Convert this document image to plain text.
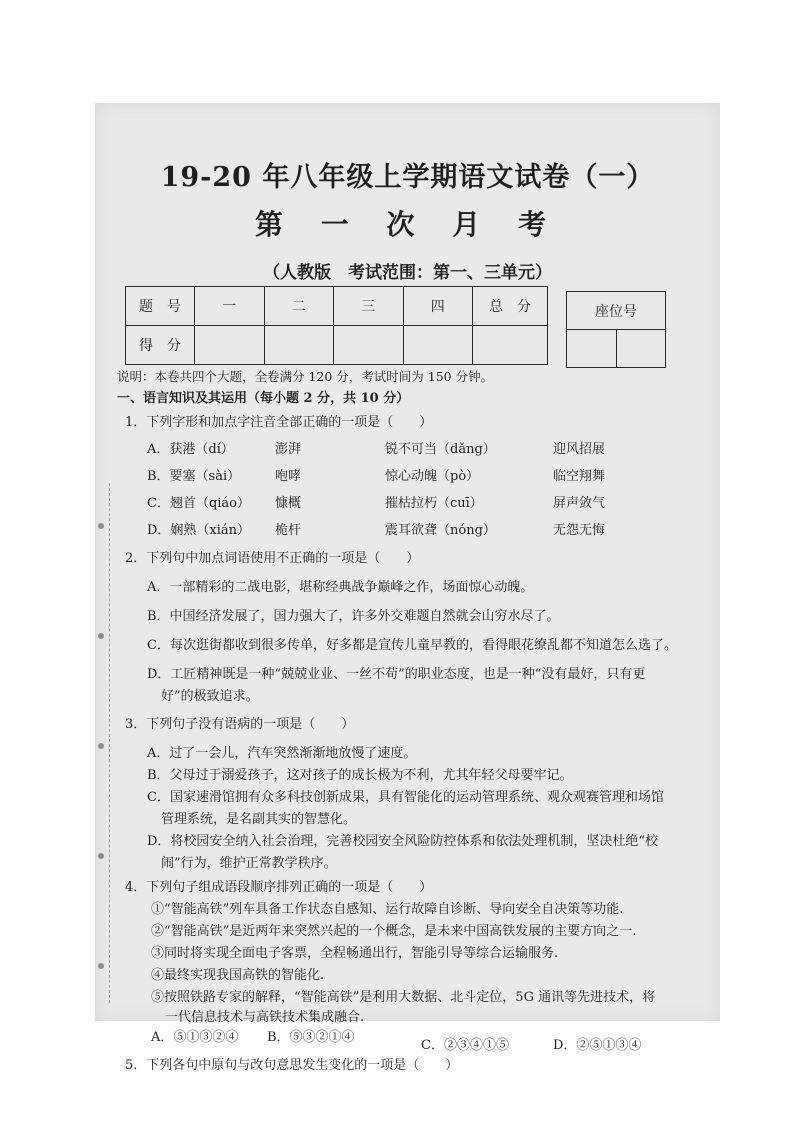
19-20 年八年级上学期语文试卷（一）
第 一 次 月 考
（人教版　考试范围：第一、三单元）
题　号	一	二	三	四	总　分
得　分					
座位号

说明：本卷共四个大题，全卷满分 120 分，考试时间为 150 分钟。
一、语言知识及其运用（每小题 2 分，共 10 分）
1．下列字形和加点字注音全部正确的一项是（　　）
A．获港（dí）	澎湃	锐不可当（dǎng）	迎风招展
B．要塞（sài）	咆哮	惊心动魄（pò）	临空翔舞
C．翘首（qiáo）	慷概	摧枯拉朽（cuī）	屏声敛气
D．娴熟（xián）	桅杆	震耳欲聋（nóng）	无怨无悔
2．下列句中加点词语使用不正确的一项是（　　）
A．一部精彩的二战电影，堪称经典战争巅峰之作，场面惊心动魄。
B．中国经济发展了，国力强大了，许多外交难题自然就会山穷水尽了。
C．每次逛街都收到很多传单，好多都是宣传儿童早教的，看得眼花缭乱都不知道怎么选了。
D．工匠精神既是一种“兢兢业业、一丝不苟”的职业态度，也是一种“没有最好，只有更
好”的极致追求。
3．下列句子没有语病的一项是（　　）
A．过了一会儿，汽车突然渐渐地放慢了速度。
B．父母过于溺爱孩子，这对孩子的成长极为不利，尤其年轻父母要牢记。
C．国家速滑馆拥有众多科技创新成果，具有智能化的运动管理系统、观众观赛管理和场馆
管理系统，是名副其实的智慧化。
D．将校园安全纳入社会治理，完善校园安全风险防控体系和依法处理机制，坚决杜绝“校
闹”行为，维护正常教学秩序。
4．下列句子组成语段顺序排列正确的一项是（　　）
①“智能高铁”列车具备工作状态自感知、运行故障自诊断、导向安全自决策等功能.
②“智能高铁”是近两年来突然兴起的一个概念，是未来中国高铁发展的主要方向之一.
③同时将实现全面电子客票，全程畅通出行，智能引导等综合运输服务.
④最终实现我国高铁的智能化.
⑤按照铁路专家的解释，“智能高铁”是利用大数据、北斗定位，5G 通讯等先进技术，将
一代信息技术与高铁技术集成融合.
A．⑤①③②④	B．⑤③②①④
C．②③④①⑤	D．②⑤①③④
5．下列各句中原句与改句意思发生变化的一项是（　　）
